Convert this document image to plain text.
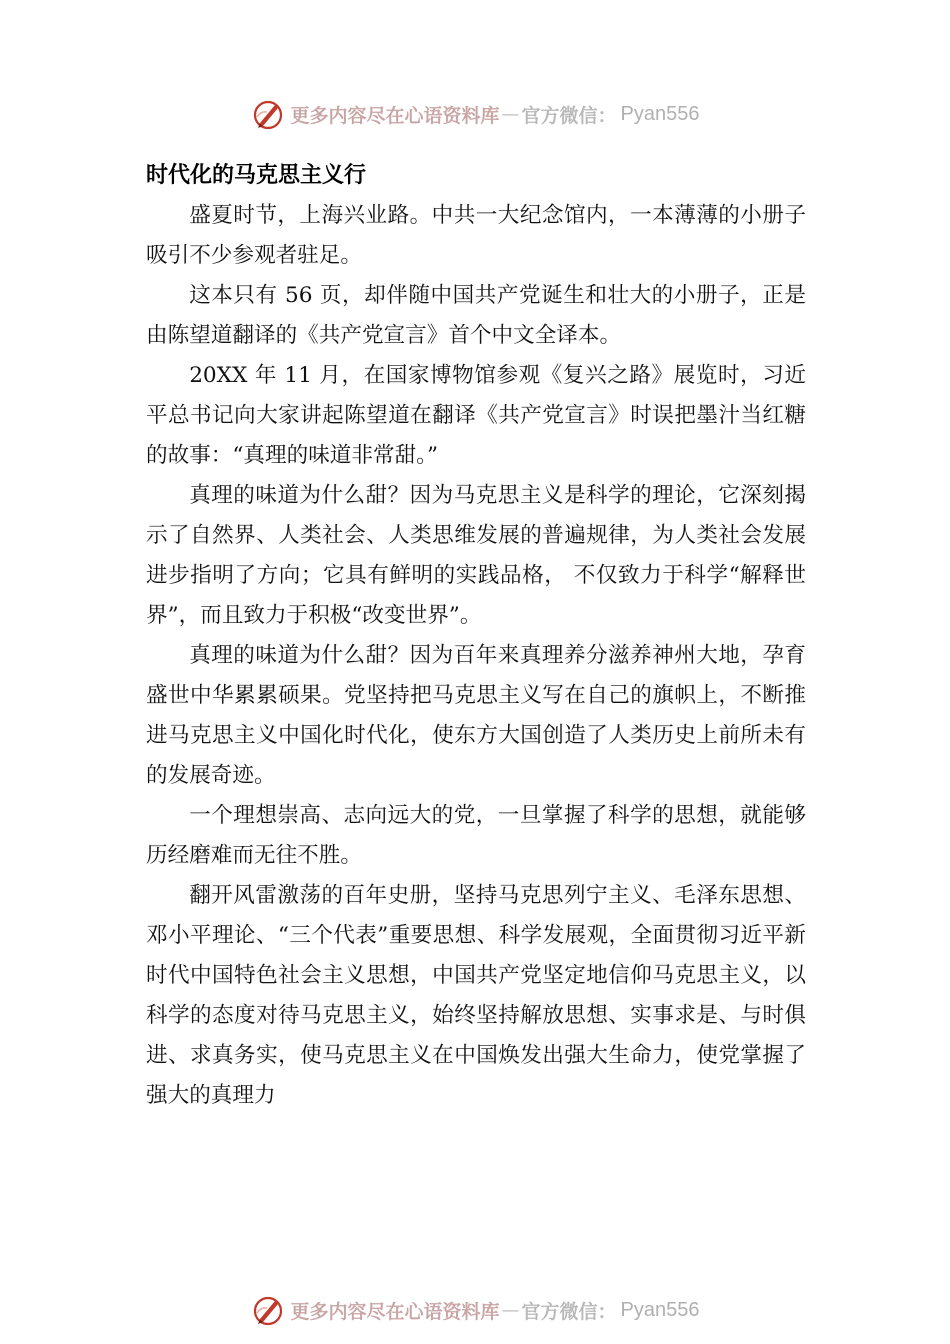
更多内容尽在心语资料库 — 官方微信： Pyan556
时代化的马克思主义行

盛夏时节，上海兴业路。中共一大纪念馆内，一本薄薄的小册子吸引不少参观者驻足。

这本只有 56 页，却伴随中国共产党诞生和壮大的小册子，正是由陈望道翻译的《共产党宣言》首个中文全译本。

20XX 年 11 月，在国家博物馆参观《复兴之路》展览时，习近平总书记向大家讲起陈望道在翻译《共产党宣言》时误把墨汁当红糖的故事：“真理的味道非常甜。”

真理的味道为什么甜？因为马克思主义是科学的理论，它深刻揭示了自然界、人类社会、人类思维发展的普遍规律，为人类社会发展进步指明了方向；它具有鲜明的实践品格， 不仅致力于科学“解释世界”，而且致力于积极“改变世界”。

真理的味道为什么甜？因为百年来真理养分滋养神州大地，孕育盛世中华累累硕果。党坚持把马克思主义写在自己的旗帜上，不断推进马克思主义中国化时代化，使东方大国创造了人类历史上前所未有的发展奇迹。

一个理想崇高、志向远大的党，一旦掌握了科学的思想，就能够历经磨难而无往不胜。

翻开风雷激荡的百年史册，坚持马克思列宁主义、毛泽东思想、邓小平理论、“三个代表”重要思想、科学发展观，全面贯彻习近平新时代中国特色社会主义思想，中国共产党坚定地信仰马克思主义，以科学的态度对待马克思主义，始终坚持解放思想、实事求是、与时俱进、求真务实，使马克思主义在中国焕发出强大生命力，使党掌握了强大的真理力

更多内容尽在心语资料库 — 官方微信： Pyan556
